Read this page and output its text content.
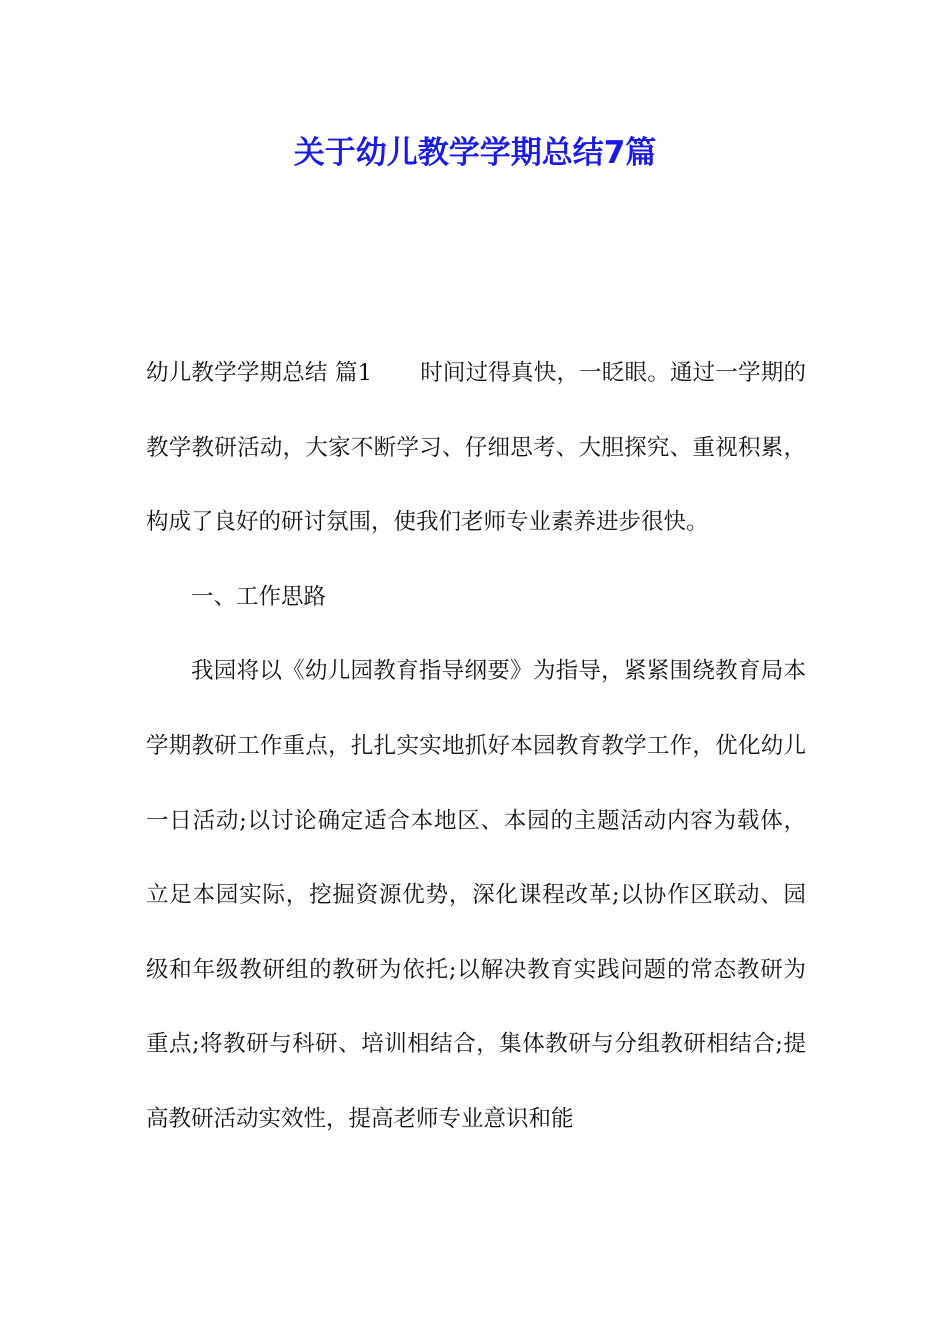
关于幼儿教学学期总结7篇

幼儿教学学期总结 篇1 时间过得真快，一眨眼。通过一学期的教学教研活动，大家不断学习、仔细思考、大胆探究、重视积累，构成了良好的研讨氛围，使我们老师专业素养进步很快。

一、工作思路

我园将以《幼儿园教育指导纲要》为指导，紧紧围绕教育局本学期教研工作重点，扎扎实实地抓好本园教育教学工作，优化幼儿一日活动;以讨论确定适合本地区、本园的主题活动内容为载体，立足本园实际，挖掘资源优势，深化课程改革;以协作区联动、园级和年级教研组的教研为依托;以解决教育实践问题的常态教研为重点;将教研与科研、培训相结合，集体教研与分组教研相结合;提高教研活动实效性，提高老师专业意识和能
